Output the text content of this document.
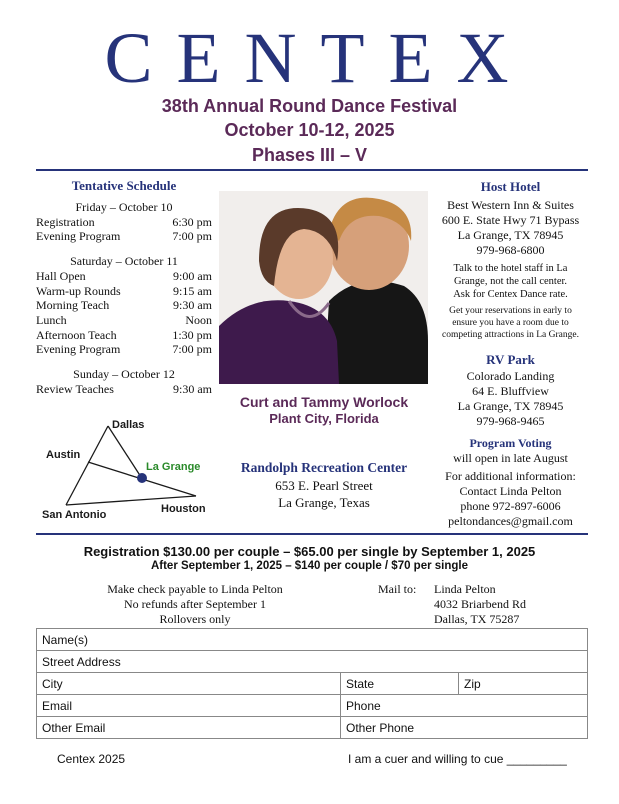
CENTEX
38th Annual Round Dance Festival
October 10-12, 2025
Phases III – V
Tentative Schedule
Friday – October 10
Registration	6:30 pm
Evening Program	7:00 pm
Saturday – October 11
Hall Open	9:00 am
Warm-up Rounds	9:15 am
Morning Teach	9:30 am
Lunch	Noon
Afternoon Teach	1:30 pm
Evening Program	7:00 pm
Sunday – October 12
Review Teaches	9:30 am
Dallas
Austin
La Grange
San Antonio	Houston
Curt and Tammy Worlock
Plant City, Florida
Randolph Recreation Center
653 E. Pearl Street
La Grange, Texas
Host Hotel
Best Western Inn & Suites
600 E. State Hwy 71 Bypass
La Grange, TX 78945
979-968-6800
Talk to the hotel staff in La
Grange, not the call center.
Ask for Centex Dance rate.
Get your reservations in early to
ensure you have a room due to
competing attractions in La Grange.
RV Park
Colorado Landing
64 E. Bluffview
La Grange, TX 78945
979-968-9465
Program Voting
will open in late August
For additional information:
Contact Linda Pelton
phone 972-897-6006
peltondances@gmail.com
Registration $130.00 per couple – $65.00 per single by September 1, 2025
After September 1, 2025 – $140 per couple / $70 per single
Make check payable to Linda Pelton
No refunds after September 1
Rollovers only
Mail to: Linda Pelton
4032 Briarbend Rd
Dallas, TX 75287
Name(s)		
Street Address		
City	State	Zip
Email	Phone	
Other Email	Other Phone	
Centex 2025	I am a cuer and willing to cue _________
